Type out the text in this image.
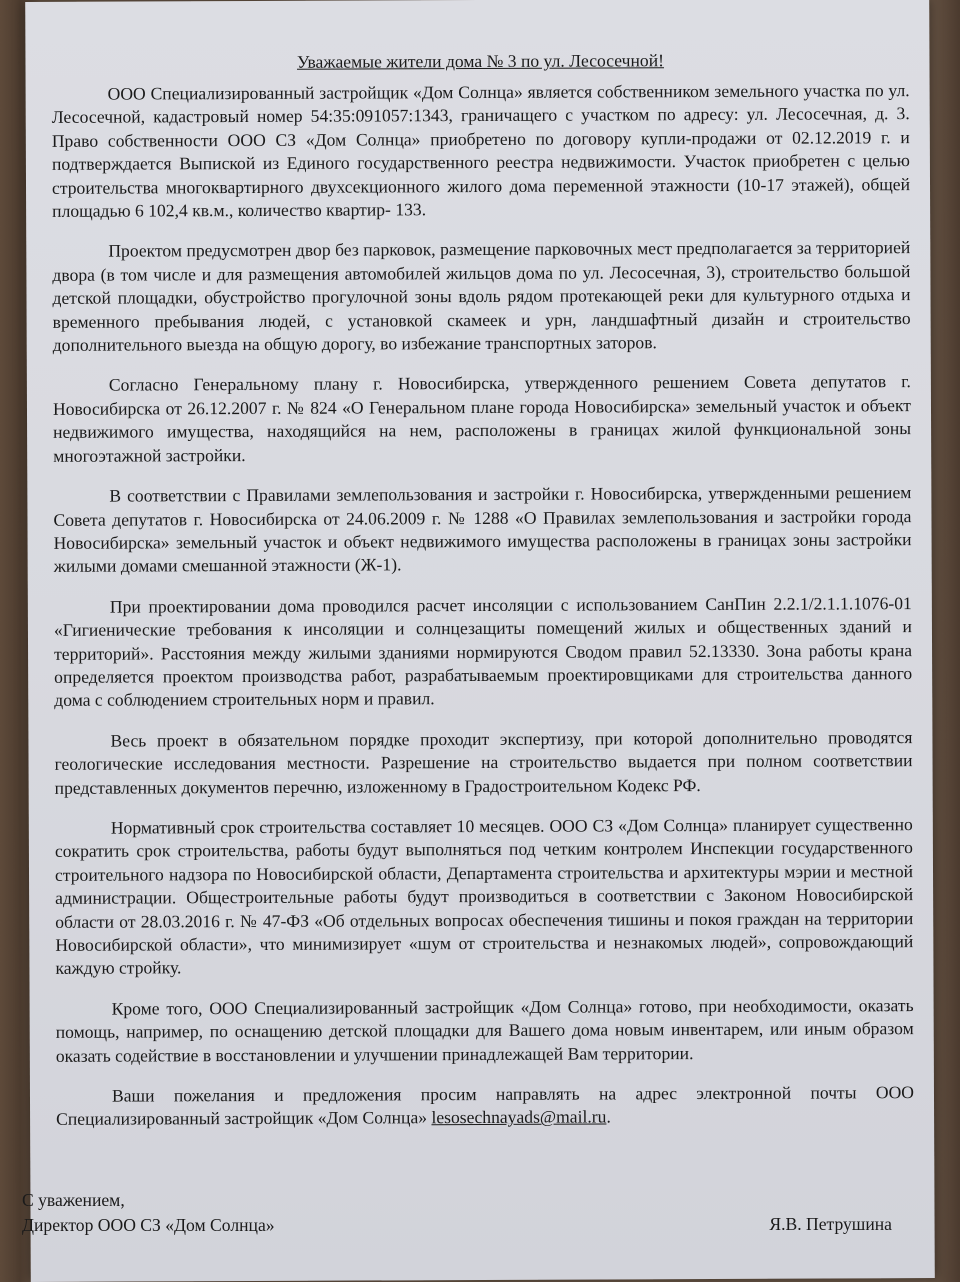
Уважаемые жители дома № 3 по ул. Лесосечной!

ООО Специализированный застройщик «Дом Солнца» является собственником земельного участка по ул. Лесосечной, кадастровый номер 54:35:091057:1343, граничащего с участком по адресу: ул. Лесосечная, д. 3. Право собственности ООО СЗ «Дом Солнца» приобретено по договору купли-продажи от 02.12.2019 г. и подтверждается Выпиской из Единого государственного реестра недвижимости. Участок приобретен с целью строительства многоквартирного двухсекционного жилого дома переменной этажности (10-17 этажей), общей площадью 6 102,4 кв.м., количество квартир- 133.

Проектом предусмотрен двор без парковок, размещение парковочных мест предполагается за территорией двора (в том числе и для размещения автомобилей жильцов дома по ул. Лесосечная, 3), строительство большой детской площадки, обустройство прогулочной зоны вдоль рядом протекающей реки для культурного отдыха и временного пребывания людей, с установкой скамеек и урн, ландшафтный дизайн и строительство дополнительного выезда на общую дорогу, во избежание транспортных заторов.

Согласно Генеральному плану г. Новосибирска, утвержденного решением Совета депутатов г. Новосибирска от 26.12.2007 г. № 824 «О Генеральном плане города Новосибирска» земельный участок и объект недвижимого имущества, находящийся на нем, расположены в границах жилой функциональной зоны многоэтажной застройки.

В соответствии с Правилами землепользования и застройки г. Новосибирска, утвержденными решением Совета депутатов г. Новосибирска от 24.06.2009 г. № 1288 «О Правилах землепользования и застройки города Новосибирска» земельный участок и объект недвижимого имущества расположены в границах зоны застройки жилыми домами смешанной этажности (Ж-1).

При проектировании дома проводился расчет инсоляции с использованием СанПин 2.2.1/2.1.1.1076-01 «Гигиенические требования к инсоляции и солнцезащиты помещений жилых и общественных зданий и территорий». Расстояния между жилыми зданиями нормируются Сводом правил 52.13330. Зона работы крана определяется проектом производства работ, разрабатываемым проектировщиками для строительства данного дома с соблюдением строительных норм и правил.

Весь проект в обязательном порядке проходит экспертизу, при которой дополнительно проводятся геологические исследования местности. Разрешение на строительство выдается при полном соответствии представленных документов перечню, изложенному в Градостроительном Кодекс РФ.

Нормативный срок строительства составляет 10 месяцев. ООО СЗ «Дом Солнца» планирует существенно сократить срок строительства, работы будут выполняться под четким контролем Инспекции государственного строительного надзора по Новосибирской области, Департамента строительства и архитектуры мэрии и местной администрации. Общестроительные работы будут производиться в соответствии с Законом Новосибирской области от 28.03.2016 г. № 47-ФЗ «Об отдельных вопросах обеспечения тишины и покоя граждан на территории Новосибирской области», что минимизирует «шум от строительства и незнакомых людей», сопровождающий каждую стройку.

Кроме того, ООО Специализированный застройщик «Дом Солнца» готово, при необходимости, оказать помощь, например, по оснащению детской площадки для Вашего дома новым инвентарем, или иным образом оказать содействие в восстановлении и улучшении принадлежащей Вам территории.

Ваши пожелания и предложения просим направлять на адрес электронной почты ООО Специализированный застройщик «Дом Солнца» lesosechnayads@mail.ru.

С уважением,
Директор ООО СЗ «Дом Солнца»	Я.В. Петрушина
